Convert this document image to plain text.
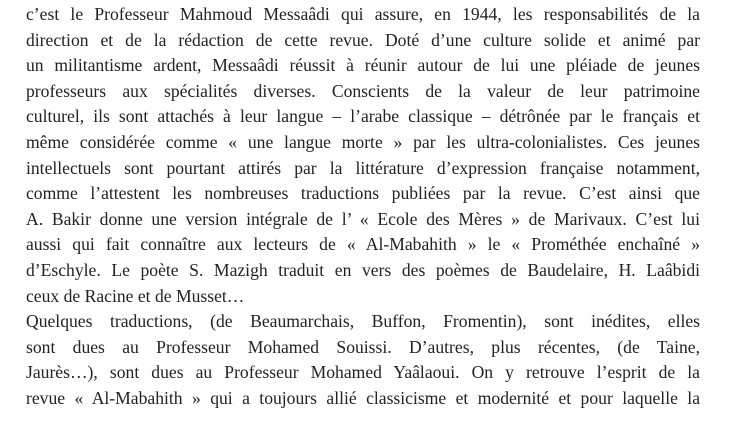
c’est le Professeur Mahmoud Messaâdi qui assure, en 1944, les responsabilités de la
direction et de la rédaction de cette revue. Doté d’une culture solide et animé par
un militantisme ardent, Messaâdi réussit à réunir autour de lui une pléiade de jeunes
professeurs aux spécialités diverses. Conscients de la valeur de leur patrimoine
culturel, ils sont attachés à leur langue – l’arabe classique – détrônée par le français et
même considérée comme « une langue morte » par les ultra-colonialistes. Ces jeunes
intellectuels sont pourtant attirés par la littérature d’expression française notamment,
comme l’attestent les nombreuses traductions publiées par la revue. C’est ainsi que
A. Bakir donne une version intégrale de l’ « Ecole des Mères » de Marivaux. C’est lui
aussi qui fait connaître aux lecteurs de « Al-Mabahith » le « Prométhée enchaîné »
d’Eschyle. Le poète S. Mazigh traduit en vers des poèmes de Baudelaire, H. Laâbidi
ceux de Racine et de Musset…
Quelques traductions, (de Beaumarchais, Buffon, Fromentin), sont inédites, elles
sont dues au Professeur Mohamed Souissi. D’autres, plus récentes, (de Taine,
Jaurès…), sont dues au Professeur Mohamed Yaâlaoui. On y retrouve l’esprit de la
revue « Al-Mabahith » qui a toujours allié classicisme et modernité et pour laquelle la
